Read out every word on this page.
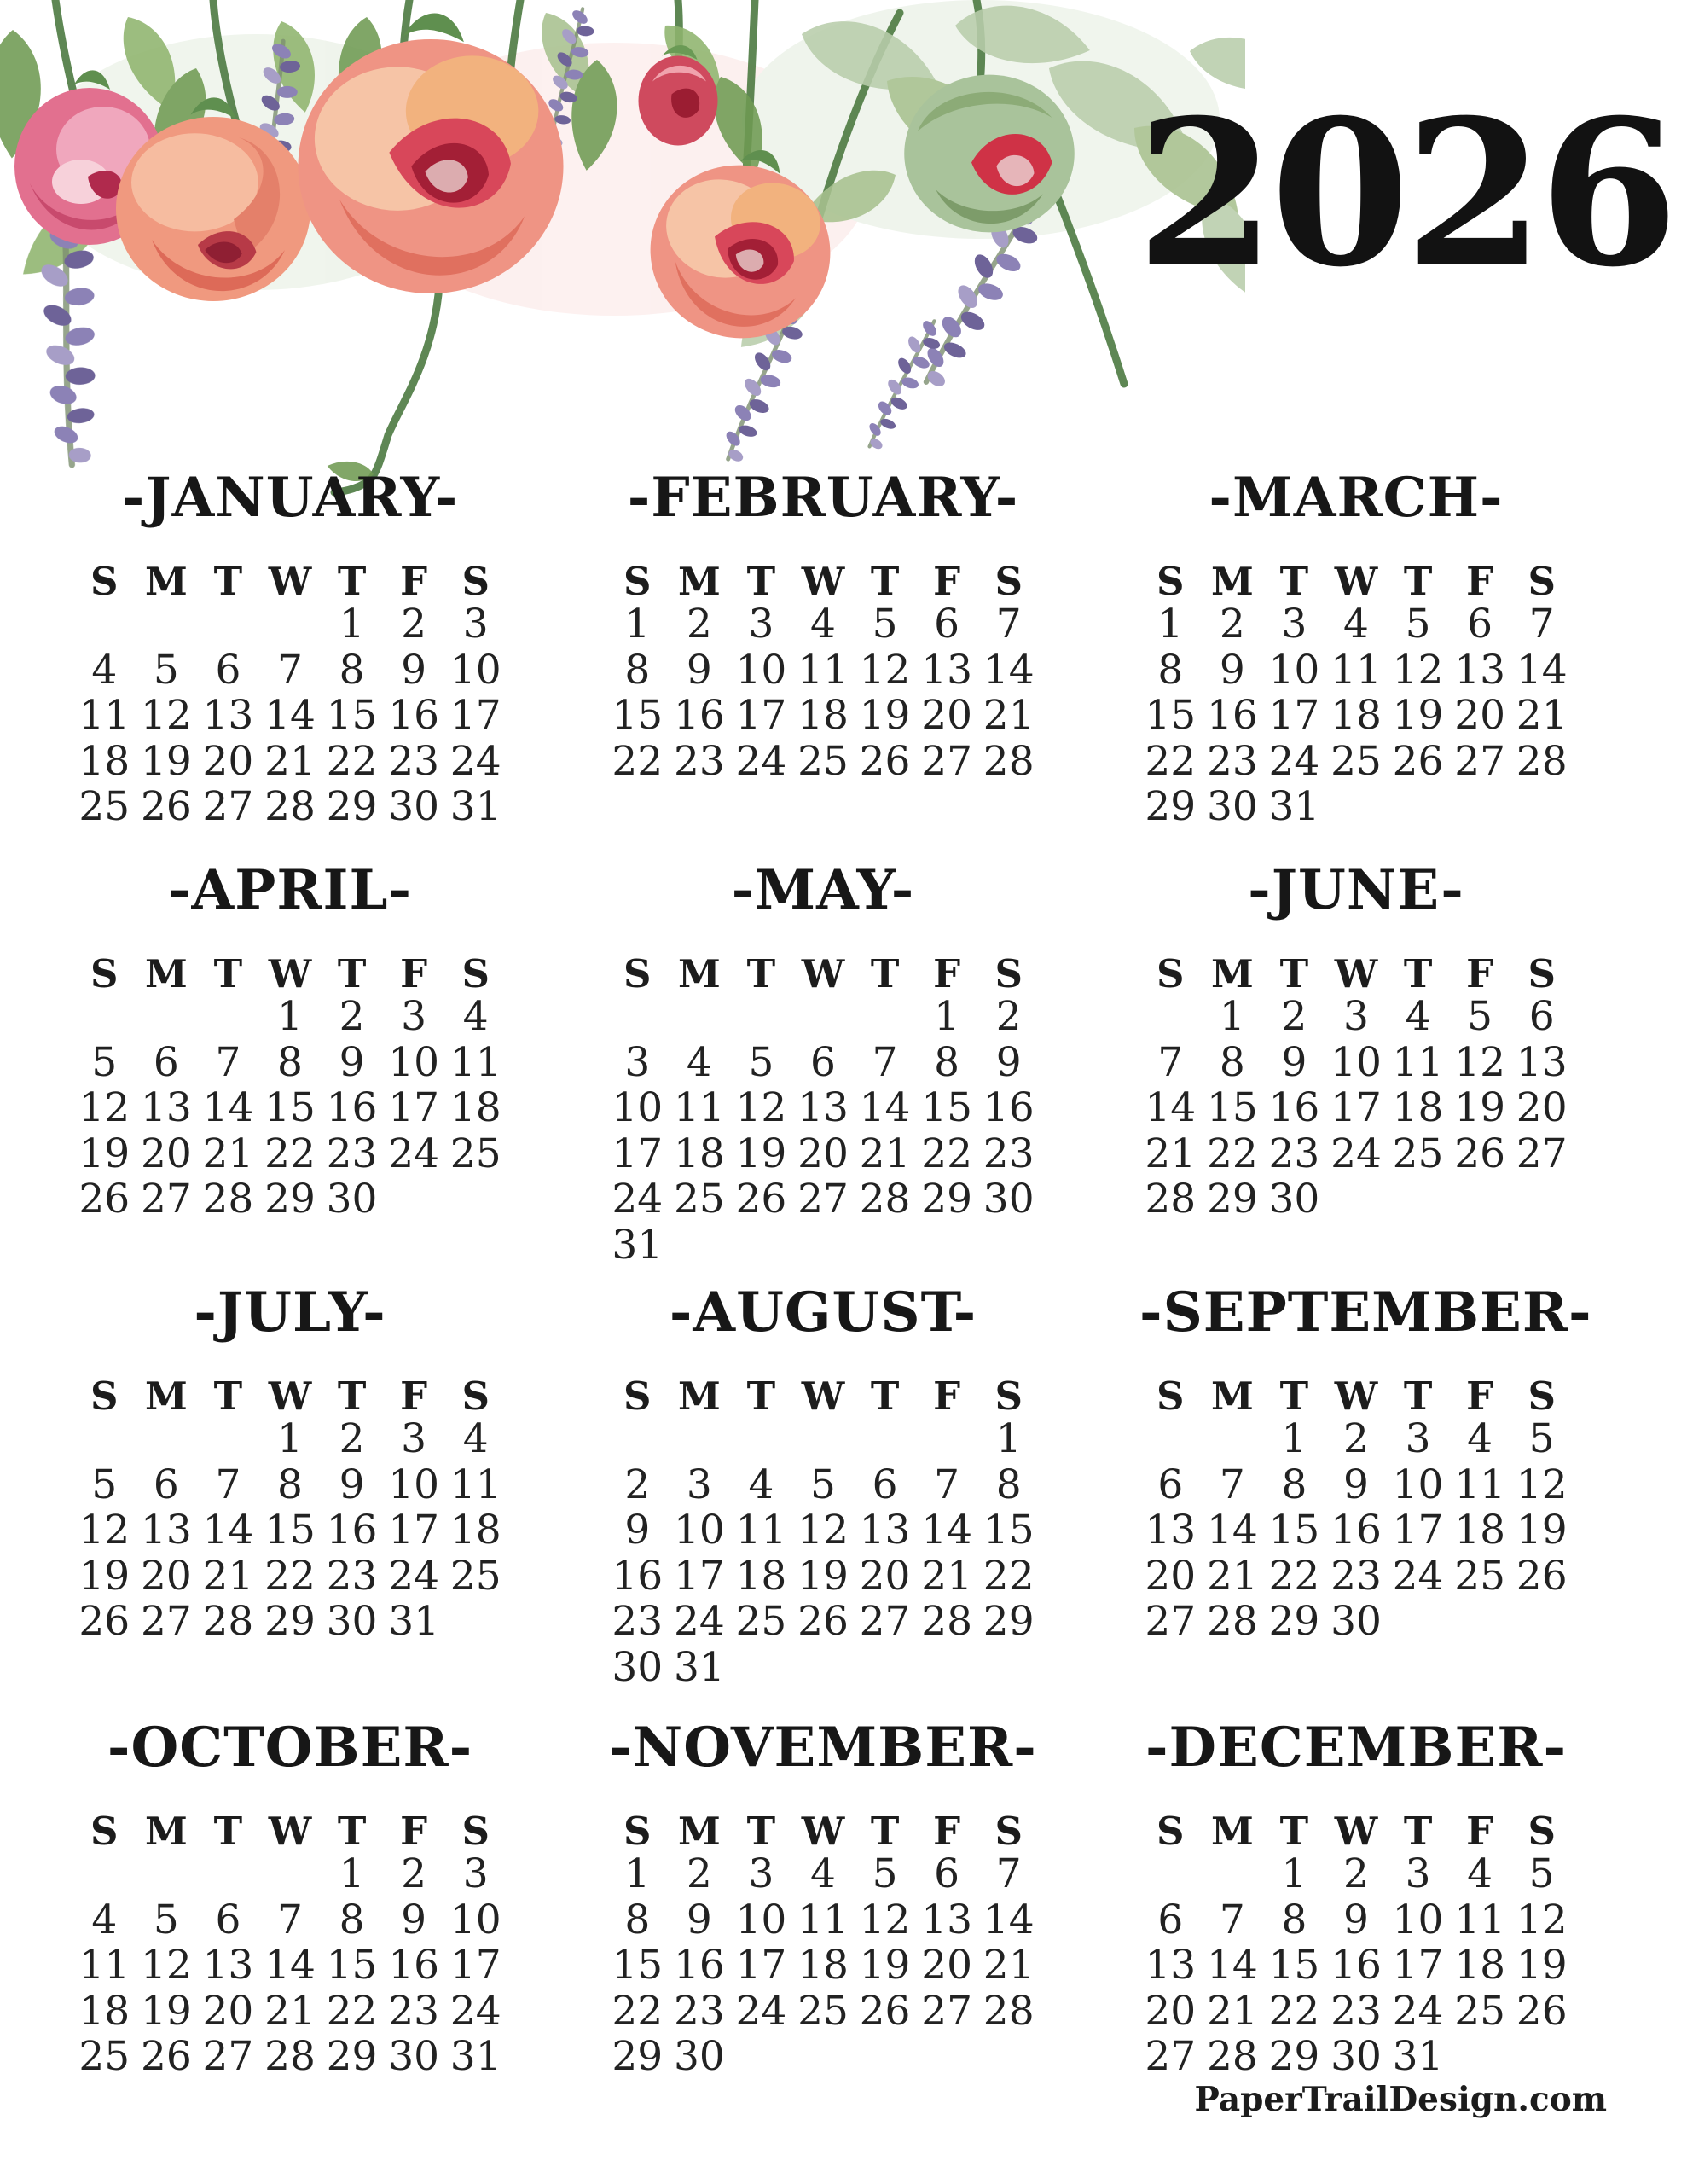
2026
-JANUARY-
S M T W T F S
1 2 3
4 5 6 7 8 9 10
11 12 13 14 15 16 17
18 19 20 21 22 23 24
25 26 27 28 29 30 31
-FEBRUARY-
S M T W T F S
1 2 3 4 5 6 7
8 9 10 11 12 13 14
15 16 17 18 19 20 21
22 23 24 25 26 27 28
-MARCH-
S M T W T F S
1 2 3 4 5 6 7
8 9 10 11 12 13 14
15 16 17 18 19 20 21
22 23 24 25 26 27 28
29 30 31
-APRIL-
S M T W T F S
1 2 3 4
5 6 7 8 9 10 11
12 13 14 15 16 17 18
19 20 21 22 23 24 25
26 27 28 29 30
-MAY-
S M T W T F S
1 2
3 4 5 6 7 8 9
10 11 12 13 14 15 16
17 18 19 20 21 22 23
24 25 26 27 28 29 30
31
-JUNE-
S M T W T F S
1 2 3 4 5 6
7 8 9 10 11 12 13
14 15 16 17 18 19 20
21 22 23 24 25 26 27
28 29 30
-JULY-
S M T W T F S
1 2 3 4
5 6 7 8 9 10 11
12 13 14 15 16 17 18
19 20 21 22 23 24 25
26 27 28 29 30 31
-AUGUST-
S M T W T F S
1
2 3 4 5 6 7 8
9 10 11 12 13 14 15
16 17 18 19 20 21 22
23 24 25 26 27 28 29
30 31
-SEPTEMBER-
S M T W T F S
1 2 3 4 5
6 7 8 9 10 11 12
13 14 15 16 17 18 19
20 21 22 23 24 25 26
27 28 29 30
-OCTOBER-
S M T W T F S
1 2 3
4 5 6 7 8 9 10
11 12 13 14 15 16 17
18 19 20 21 22 23 24
25 26 27 28 29 30 31
-NOVEMBER-
S M T W T F S
1 2 3 4 5 6 7
8 9 10 11 12 13 14
15 16 17 18 19 20 21
22 23 24 25 26 27 28
29 30
-DECEMBER-
S M T W T F S
1 2 3 4 5
6 7 8 9 10 11 12
13 14 15 16 17 18 19
20 21 22 23 24 25 26
27 28 29 30 31
PaperTrailDesign.com
